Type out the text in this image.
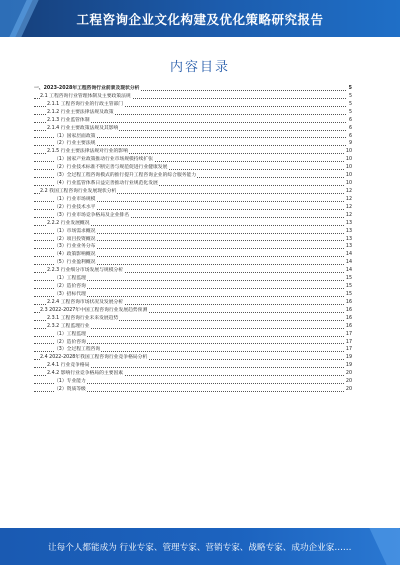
工程咨询企业文化构建及优化策略研究报告
内容目录
一、2023-2028年工程咨询行业前景及现状分析	5
2.1 工程咨询行业管理体制及主要政策法规	5
2.1.1 工程咨询行业的行政主管部门	5
2.1.2 行业主要法律法规及政策	5
2.1.3 行业监管体制	6
2.1.4 行业主要政策法规及其影响	6
（1）国家层面政策	6
（2）行业主要法规	9
2.1.5 行业主要法律法规对行业的影响	10
（1）国家产业政策推动行业市场规模持续扩张	10
（2）行业技术标准不断完善与规范促进行业健康发展	10
（3）全过程工程咨询模式的推行提升工程咨询企业的综合服务能力	10
（4）行业监管体系日益完善推动行业规范化发展	10
2.2 我国工程咨询行业发展现状分析	12
（1）行业市场规模	12
（2）行业技术水平	12
（3）行业市场竞争格局及企业排名	12
2.2.2 行业发展概况	13
（1）市场需求概况	13
（2）项目投资概况	13
（3）行业业务分布	13
（4）政策影响概况	14
（5）行业盈利概况	14
2.2.3 行业细分市场发展与规模分析	14
（1）工程监理	15
（2）造价咨询	15
（3）招标代理	15
2.2.4 工程咨询市场状况及发展分析	16
2.3 2022-2027年中国工程咨询行业发展趋势预测	16
2.3.1 工程咨询行业未来发展趋势	16
2.3.2 工程监理行业	16
（1）工程监理	17
（2）造价咨询	17
（3）全过程工程咨询	17
2.4 2022-2028年我国工程咨询行业竞争格局分析	19
2.4.1 行业竞争格局	19
2.4.2 影响行业竞争格局的主要因素	20
（1）专业能力	20
（2）资质等级	20
让每个人都能成为 行业专家、管理专家、营销专家、战略专家、成功企业家……
